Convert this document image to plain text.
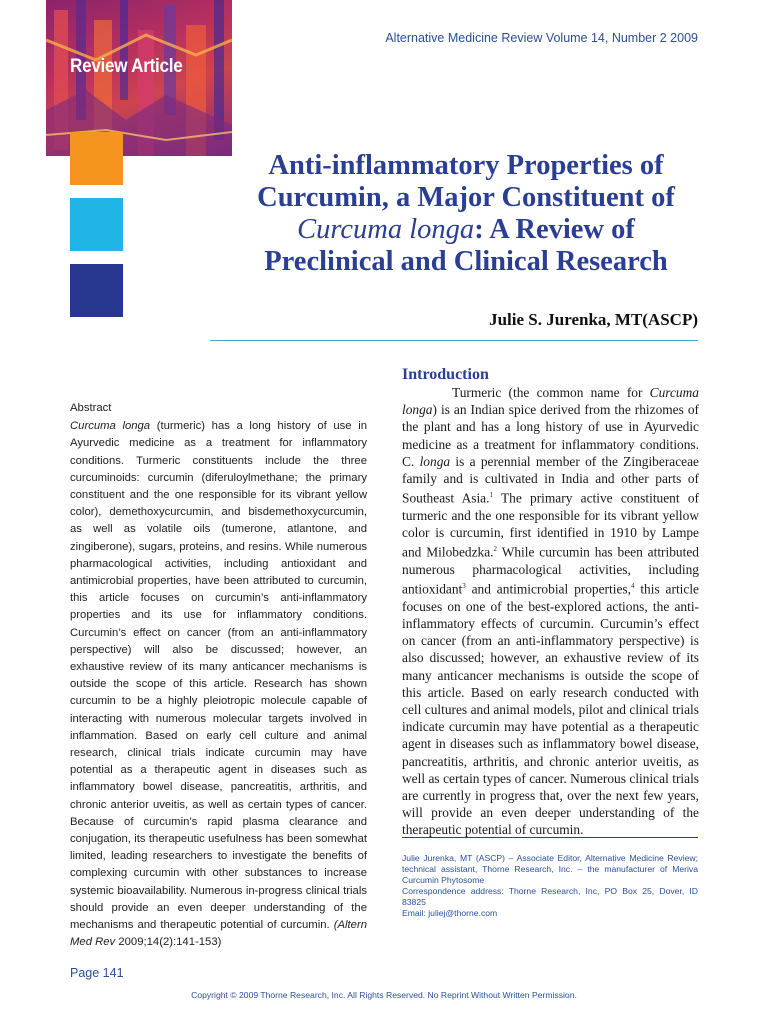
Review Article
Alternative Medicine Review Volume 14, Number 2 2009
Anti-inflammatory Properties of Curcumin, a Major Constituent of Curcuma longa: A Review of Preclinical and Clinical Research
Julie S. Jurenka, MT(ASCP)
Abstract
Curcuma longa (turmeric) has a long history of use in Ayurvedic medicine as a treatment for inflammatory conditions. Turmeric constituents include the three curcuminoids: curcumin (diferuloylmethane; the primary constituent and the one responsible for its vibrant yellow color), demethoxycurcumin, and bisdemethoxycurcumin, as well as volatile oils (tumerone, atlantone, and zingiberone), sugars, proteins, and resins. While numerous pharmacological activities, including antioxidant and antimicrobial properties, have been attributed to curcumin, this article focuses on curcumin’s anti-inflammatory properties and its use for inflammatory conditions. Curcumin’s effect on cancer (from an anti-inflammatory perspective) will also be discussed; however, an exhaustive review of its many anticancer mechanisms is outside the scope of this article. Research has shown curcumin to be a highly pleiotropic molecule capable of interacting with numerous molecular targets involved in inflammation. Based on early cell culture and animal research, clinical trials indicate curcumin may have potential as a therapeutic agent in diseases such as inflammatory bowel disease, pancreatitis, arthritis, and chronic anterior uveitis, as well as certain types of cancer. Because of curcumin’s rapid plasma clearance and conjugation, its therapeutic usefulness has been somewhat limited, leading researchers to investigate the benefits of complexing curcumin with other substances to increase systemic bioavailability. Numerous in-progress clinical trials should provide an even deeper understanding of the mechanisms and therapeutic potential of curcumin. (Altern Med Rev 2009;14(2):141-153)
Introduction

Turmeric (the common name for Curcuma longa) is an Indian spice derived from the rhizomes of the plant and has a long history of use in Ayurvedic medicine as a treatment for inflammatory conditions. C. longa is a perennial member of the Zingiberaceae family and is cultivated in India and other parts of Southeast Asia.$^1$ The primary active constituent of turmeric and the one responsible for its vibrant yellow color is curcumin, first identified in 1910 by Lampe and Milobedzka.$^2$ While curcumin has been attributed numerous pharmacological activities, including antioxidant$^3$ and antimicrobial properties,$^4$ this article focuses on one of the best-explored actions, the anti-inflammatory effects of curcumin. Curcumin’s effect on cancer (from an anti-inflammatory perspective) is also discussed; however, an exhaustive review of its many anticancer mechanisms is outside the scope of this article. Based on early research conducted with cell cultures and animal models, pilot and clinical trials indicate curcumin may have potential as a therapeutic agent in diseases such as inflammatory bowel disease, pancreatitis, arthritis, and chronic anterior uveitis, as well as certain types of cancer. Numerous clinical trials are currently in progress that, over the next few years, will provide an even deeper understanding of the therapeutic potential of curcumin.

Julie Jurenka, MT (ASCP) – Associate Editor, Alternative Medicine Review; technical assistant, Thorne Research, Inc. – the manufacturer of Meriva Curcumin Phytosome
Correspondence address: Thorne Research, Inc, PO Box 25, Dover, ID 83825
Email: juliej@thorne.com
Page 141
Copyright © 2009 Thorne Research, Inc. All Rights Reserved. No Reprint Without Written Permission.
